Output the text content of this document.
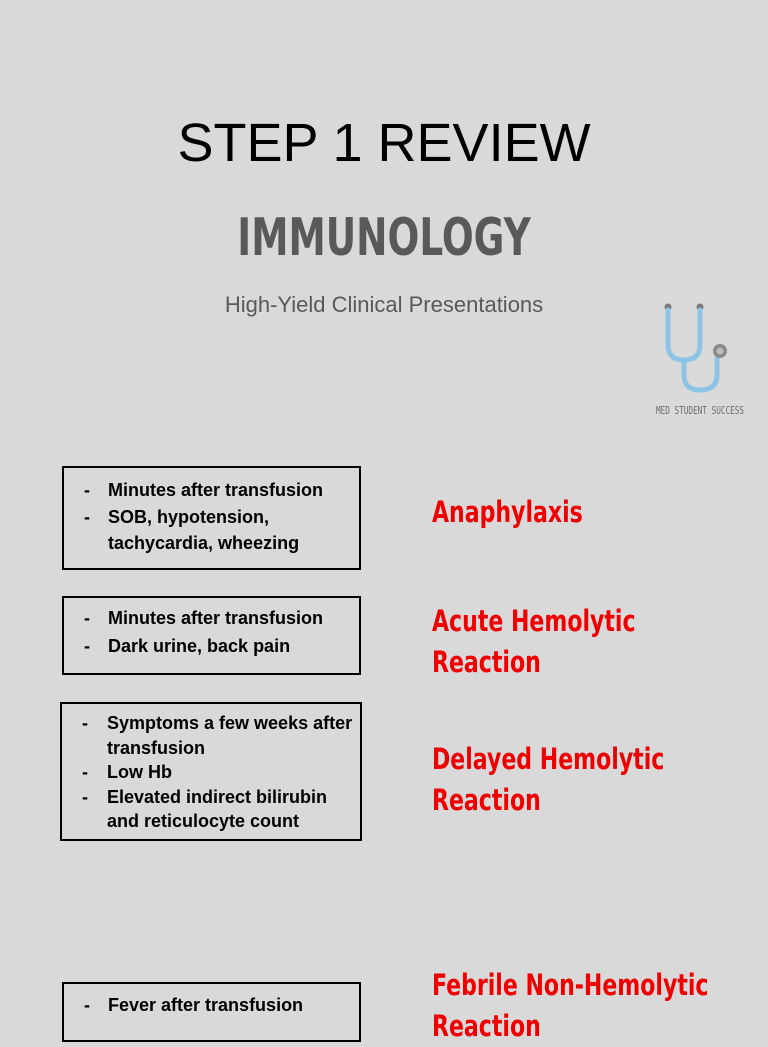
STEP 1 REVIEW
IMMUNOLOGY
High-Yield Clinical Presentations
MED STUDENT SUCCESS
- Minutes after transfusion
- SOB, hypotension, tachycardia, wheezing
Anaphylaxis
- Minutes after transfusion
- Dark urine, back pain
Acute Hemolytic
Reaction
- Symptoms a few weeks after transfusion
- Low Hb
- Elevated indirect bilirubin and reticulocyte count
Delayed Hemolytic
Reaction
- Fever after transfusion
Febrile Non-Hemolytic
Reaction
